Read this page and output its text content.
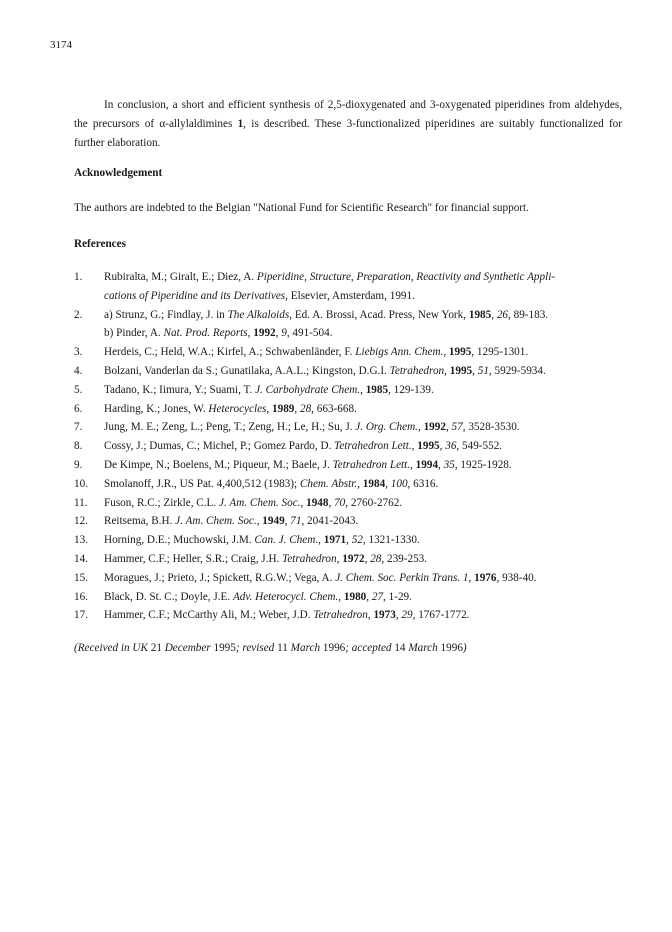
3174
In conclusion, a short and efficient synthesis of 2,5-dioxygenated and 3-oxygenated piperidines from aldehydes, the precursors of α-allylaldimines 1, is described. These 3-functionalized piperidines are suitably functionalized for further elaboration.
Acknowledgement
The authors are indebted to the Belgian "National Fund for Scientific Research" for financial support.
References
1.	Rubiralta, M.; Giralt, E.; Diez, A. Piperidine, Structure, Preparation, Reactivity and Synthetic Appli-
cations of Piperidine and its Derivatives, Elsevier, Amsterdam, 1991.
2.	a) Strunz, G.; Findlay, J. in The Alkaloids, Ed. A. Brossi, Acad. Press, New York, 1985, 26, 89-183.
b) Pinder, A. Nat. Prod. Reports, 1992, 9, 491-504.
3.	Herdeis, C.; Held, W.A.; Kirfel, A.; Schwabenländer, F. Liebigs Ann. Chem., 1995, 1295-1301.
4.	Bolzani, Vanderlan da S.; Gunatilaka, A.A.L.; Kingston, D.G.I. Tetrahedron, 1995, 51, 5929-5934.
5.	Tadano, K.; Iimura, Y.; Suami, T. J. Carbohydrate Chem., 1985, 129-139.
6.	Harding, K.; Jones, W. Heterocycles, 1989, 28, 663-668.
7.	Jung, M. E.; Zeng, L.; Peng, T.; Zeng, H.; Le, H.; Su, J. J. Org. Chem., 1992, 57, 3528-3530.
8.	Cossy, J.; Dumas, C.; Michel, P.; Gomez Pardo, D. Tetrahedron Lett., 1995, 36, 549-552.
9.	De Kimpe, N.; Boelens, M.; Piqueur, M.; Baele, J. Tetrahedron Lett., 1994, 35, 1925-1928.
10.	Smolanoff, J.R., US Pat. 4,400,512 (1983); Chem. Abstr., 1984, 100, 6316.
11.	Fuson, R.C.; Zirkle, C.L. J. Am. Chem. Soc., 1948, 70, 2760-2762.
12.	Reitsema, B.H. J. Am. Chem. Soc., 1949, 71, 2041-2043.
13.	Horning, D.E.; Muchowski, J.M. Can. J. Chem., 1971, 52, 1321-1330.
14.	Hammer, C.F.; Heller, S.R.; Craig, J.H. Tetrahedron, 1972, 28, 239-253.
15.	Moragues, J.; Prieto, J.; Spickett, R.G.W.; Vega, A. J. Chem. Soc. Perkin Trans. 1, 1976, 938-40.
16.	Black, D. St. C.; Doyle, J.E. Adv. Heterocycl. Chem., 1980, 27, 1-29.
17.	Hammer, C.F.; McCarthy Ali, M.; Weber, J.D. Tetrahedron, 1973, 29, 1767-1772.
(Received in UK 21 December 1995; revised 11 March 1996; accepted 14 March 1996)
